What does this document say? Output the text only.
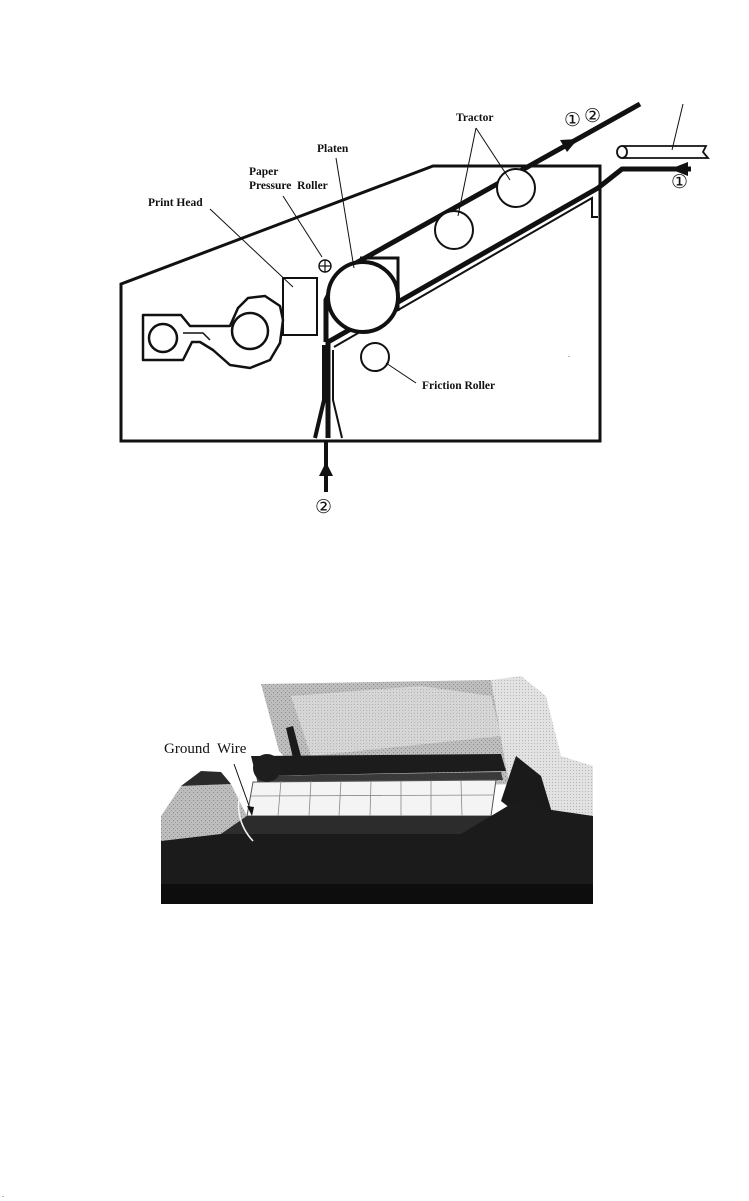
Tractor
Platen
Paper
Pressure  Roller
Print Head
Friction Roller
① ②
①
②
Ground  Wire
.
.
